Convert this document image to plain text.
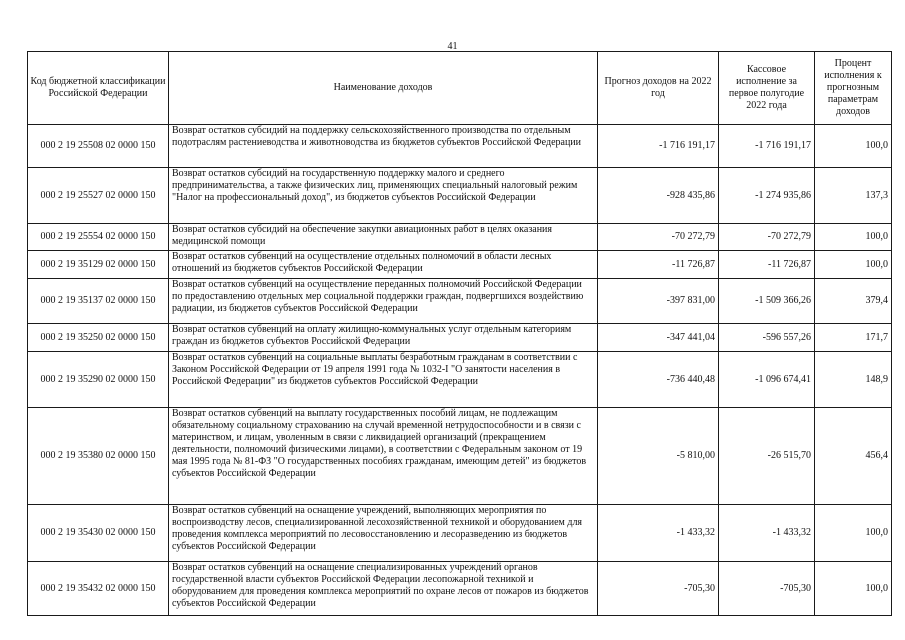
41
Код бюджетной классификации Российской Федерации	Наименование доходов	Прогноз доходов на 2022 год	Кассовое исполнение за первое полугодие 2022 года	Процент исполнения к прогнозным параметрам доходов
000 2 19 25508 02 0000 150	Возврат остатков субсидий на поддержку сельскохозяйственного производства по отдельным подотраслям растениеводства и животноводства из бюджетов субъектов Российской Федерации	-1 716 191,17	-1 716 191,17	100,0
000 2 19 25527 02 0000 150	Возврат остатков субсидий на государственную поддержку малого и среднего предпринимательства, а также физических лиц, применяющих специальный налоговый режим "Налог на профессиональный доход", из бюджетов субъектов Российской Федерации	-928 435,86	-1 274 935,86	137,3
000 2 19 25554 02 0000 150	Возврат остатков субсидий на обеспечение закупки авиационных работ в целях оказания медицинской помощи	-70 272,79	-70 272,79	100,0
000 2 19 35129 02 0000 150	Возврат остатков субвенций на осуществление отдельных полномочий в области лесных отношений из бюджетов субъектов Российской Федерации	-11 726,87	-11 726,87	100,0
000 2 19 35137 02 0000 150	Возврат остатков субвенций на осуществление переданных полномочий Российской Федерации по предоставлению отдельных мер социальной поддержки граждан, подвергшихся воздействию радиации, из бюджетов субъектов Российской Федерации	-397 831,00	-1 509 366,26	379,4
000 2 19 35250 02 0000 150	Возврат остатков субвенций на оплату жилищно-коммунальных услуг отдельным категориям граждан из бюджетов субъектов Российской Федерации	-347 441,04	-596 557,26	171,7
000 2 19 35290 02 0000 150	Возврат остатков субвенций на социальные выплаты безработным гражданам в соответствии с Законом Российской Федерации от 19 апреля 1991 года № 1032-I "О занятости населения в Российской Федерации" из бюджетов субъектов Российской Федерации	-736 440,48	-1 096 674,41	148,9
000 2 19 35380 02 0000 150	Возврат остатков субвенций на выплату государственных пособий лицам, не подлежащим обязательному социальному страхованию на случай временной нетрудоспособности и в связи с материнством, и лицам, уволенным в связи с ликвидацией организаций (прекращением деятельности, полномочий физическими лицами), в соответствии с Федеральным законом от 19 мая 1995 года № 81-ФЗ "О государственных пособиях гражданам, имеющим детей" из бюджетов субъектов Российской Федерации	-5 810,00	-26 515,70	456,4
000 2 19 35430 02 0000 150	Возврат остатков субвенций на оснащение учреждений, выполняющих мероприятия по воспроизводству лесов, специализированной лесохозяйственной техникой и оборудованием для проведения комплекса мероприятий по лесовосстановлению и лесоразведению из бюджетов субъектов Российской Федерации	-1 433,32	-1 433,32	100,0
000 2 19 35432 02 0000 150	Возврат остатков субвенций на оснащение специализированных учреждений органов государственной власти субъектов Российской Федерации лесопожарной техникой и оборудованием для проведения комплекса мероприятий по охране лесов от пожаров из бюджетов субъектов Российской Федерации	-705,30	-705,30	100,0
